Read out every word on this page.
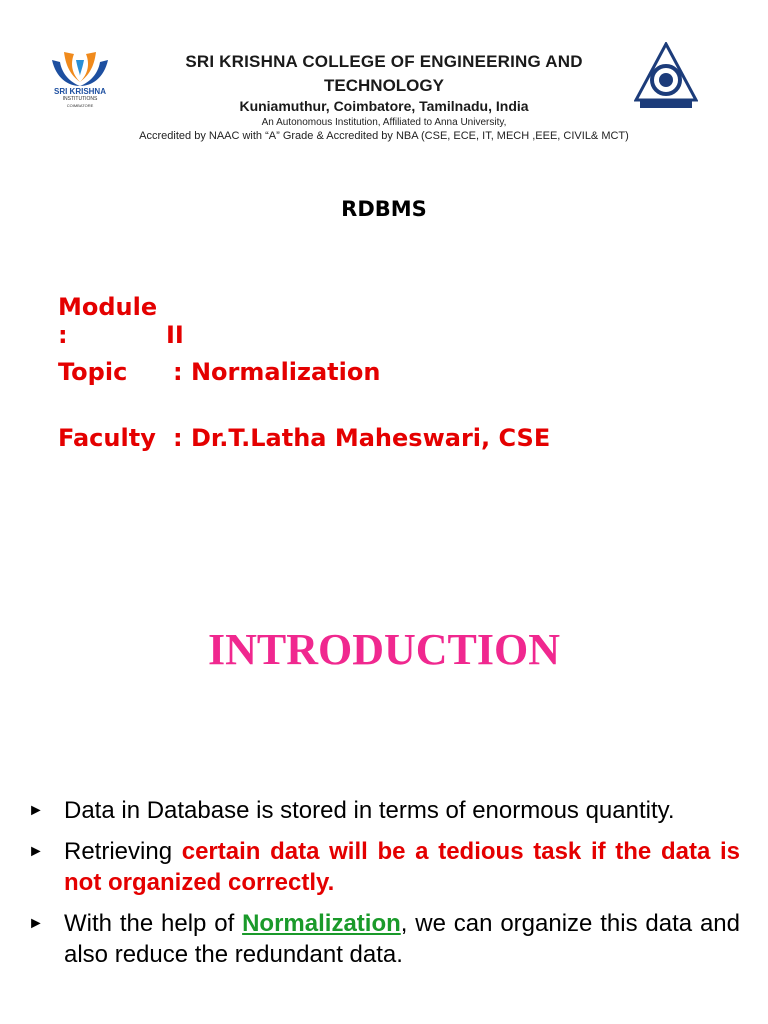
SRI KRISHNA
INSTITUTIONS
COIMBATORE
SRI KRISHNA COLLEGE OF ENGINEERING AND
TECHNOLOGY
Kuniamuthur, Coimbatore, Tamilnadu, India
An Autonomous Institution, Affiliated to Anna University,
Accredited by NAAC with “A” Grade & Accredited by NBA (CSE, ECE, IT, MECH ,EEE, CIVIL& MCT)
RDBMS
Module :	II
Topic : Normalization
Faculty : Dr.T.Latha Maheswari, CSE
INTRODUCTION
► Data in Database is stored in terms of enormous quantity.
► Retrieving certain data will be a tedious task if the data is not organized correctly.
► With the help of Normalization, we can organize this data and also reduce the redundant data.
